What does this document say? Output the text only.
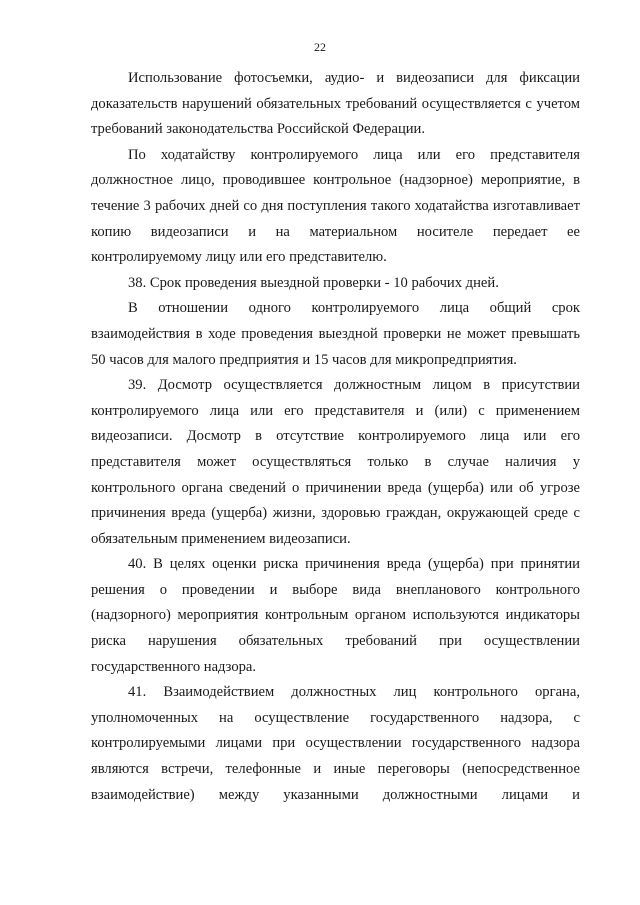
22

Использование фотосъемки, аудио- и видеозаписи для фиксации доказательств нарушений обязательных требований осуществляется с учетом требований законодательства Российской Федерации.

По ходатайству контролируемого лица или его представителя должностное лицо, проводившее контрольное (надзорное) мероприятие, в течение 3 рабочих дней со дня поступления такого ходатайства изготавливает копию видеозаписи и на материальном носителе передает ее контролируемому лицу или его представителю.

38. Срок проведения выездной проверки - 10 рабочих дней.

В отношении одного контролируемого лица общий срок взаимодействия в ходе проведения выездной проверки не может превышать 50 часов для малого предприятия и 15 часов для микропредприятия.

39. Досмотр осуществляется должностным лицом в присутствии контролируемого лица или его представителя и (или) с применением видеозаписи. Досмотр в отсутствие контролируемого лица или его представителя может осуществляться только в случае наличия у контрольного органа сведений о причинении вреда (ущерба) или об угрозе причинения вреда (ущерба) жизни, здоровью граждан, окружающей среде с обязательным применением видеозаписи.

40. В целях оценки риска причинения вреда (ущерба) при принятии решения о проведении и выборе вида внепланового контрольного (надзорного) мероприятия контрольным органом используются индикаторы риска нарушения обязательных требований при осуществлении государственного надзора.

41. Взаимодействием должностных лиц контрольного органа, уполномоченных на осуществление государственного надзора, с контролируемыми лицами при осуществлении государственного надзора являются встречи, телефонные и иные переговоры (непосредственное взаимодействие) между указанными должностными лицами и
